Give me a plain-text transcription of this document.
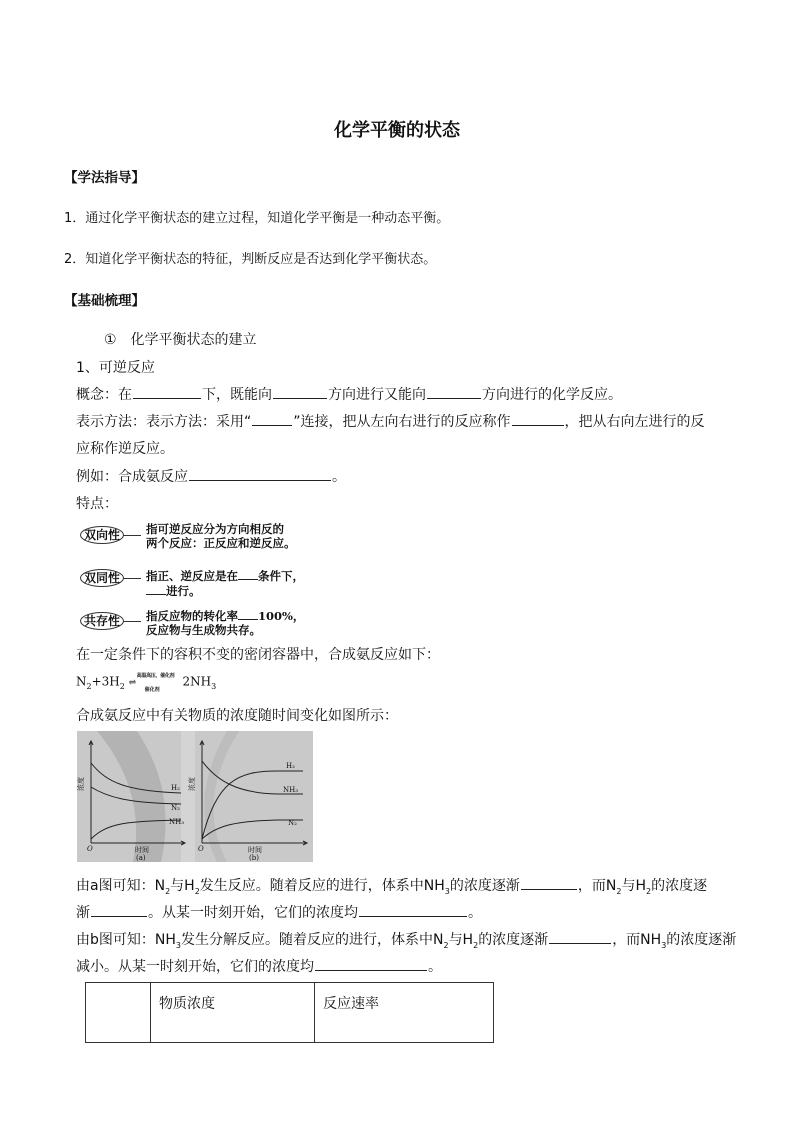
化学平衡的状态
【学法指导】
1．通过化学平衡状态的建立过程，知道化学平衡是一种动态平衡。
2．知道化学平衡状态的特征，判断反应是否达到化学平衡状态。
【基础梳理】
①　化学平衡状态的建立
1、可逆反应
概念：在	下，既能向	方向进行又能向	方向进行的化学反应。
表示方法：表示方法：采用“	”连接，把从左向右进行的反应称作	，把从右向左进行的反
应称作逆反应。
例如：合成氨反应	。
特点：
双向性	指可逆反应分为方向相反的
两个反应：正反应和逆反应。
双同性	指正、逆反应是在 条件下，
进行。
共存性	指反应物的转化率 100%，
反应物与生成物共存。
在一定条件下的容积不变的密闭容器中，合成氨反应如下：
$N_2+3H_2$
高温高压、催化剂
⇌
催化剂
$2NH_3$
合成氨反应中有关物质的浓度随时间变化如图所示：
浓度	H₂
N₂
NH₃
O	时间
(a)
浓度
H₂
NH₃
N₂
O	时间
(b)
由a图可知：$N_2$与$H_2$发生反应。随着反应的进行，体系中$NH_3$的浓度逐渐	，而$N_2$与$H_2$的浓度逐
渐	。从某一时刻开始，它们的浓度均	。
由b图可知：$NH_3$发生分解反应。随着反应的进行，体系中$N_2$与$H_2$的浓度逐渐	，而$NH_3$的浓度逐渐
减小。从某一时刻开始，它们的浓度均	。
	物质浓度	反应速率
